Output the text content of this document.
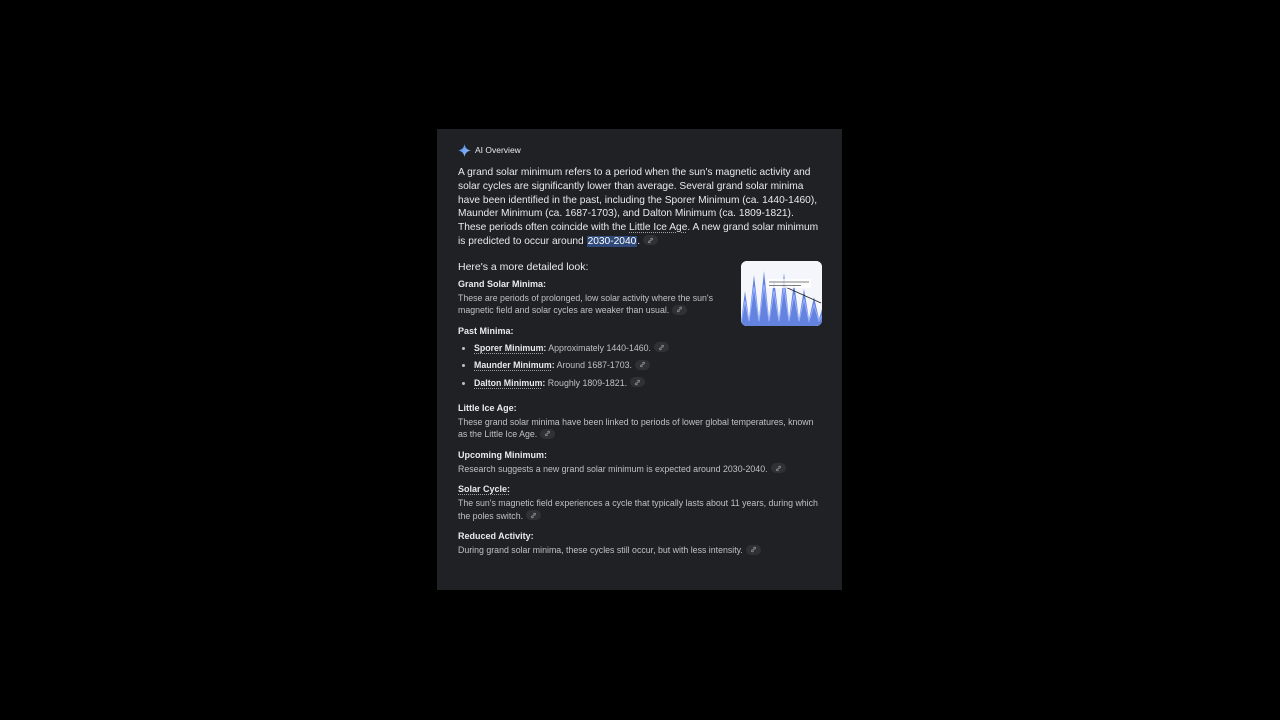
AI Overview

A grand solar minimum refers to a period when the sun's magnetic activity and solar cycles are significantly lower than average. Several grand solar minima have been identified in the past, including the Sporer Minimum (ca. 1440-1460), Maunder Minimum (ca. 1687-1703), and Dalton Minimum (ca. 1809-1821). These periods often coincide with the Little Ice Age. A new grand solar minimum is predicted to occur around 2030-2040.

Here's a more detailed look:

Grand Solar Minima:

These are periods of prolonged, low solar activity where the sun's magnetic field and solar cycles are weaker than usual.

Past Minima:

• Sporer Minimum: Approximately 1440-1460.
• Maunder Minimum: Around 1687-1703.
• Dalton Minimum: Roughly 1809-1821.

Little Ice Age:

These grand solar minima have been linked to periods of lower global temperatures, known as the Little Ice Age.

Upcoming Minimum:

Research suggests a new grand solar minimum is expected around 2030-2040.

Solar Cycle:

The sun's magnetic field experiences a cycle that typically lasts about 11 years, during which the poles switch.

Reduced Activity:

During grand solar minima, these cycles still occur, but with less intensity.
